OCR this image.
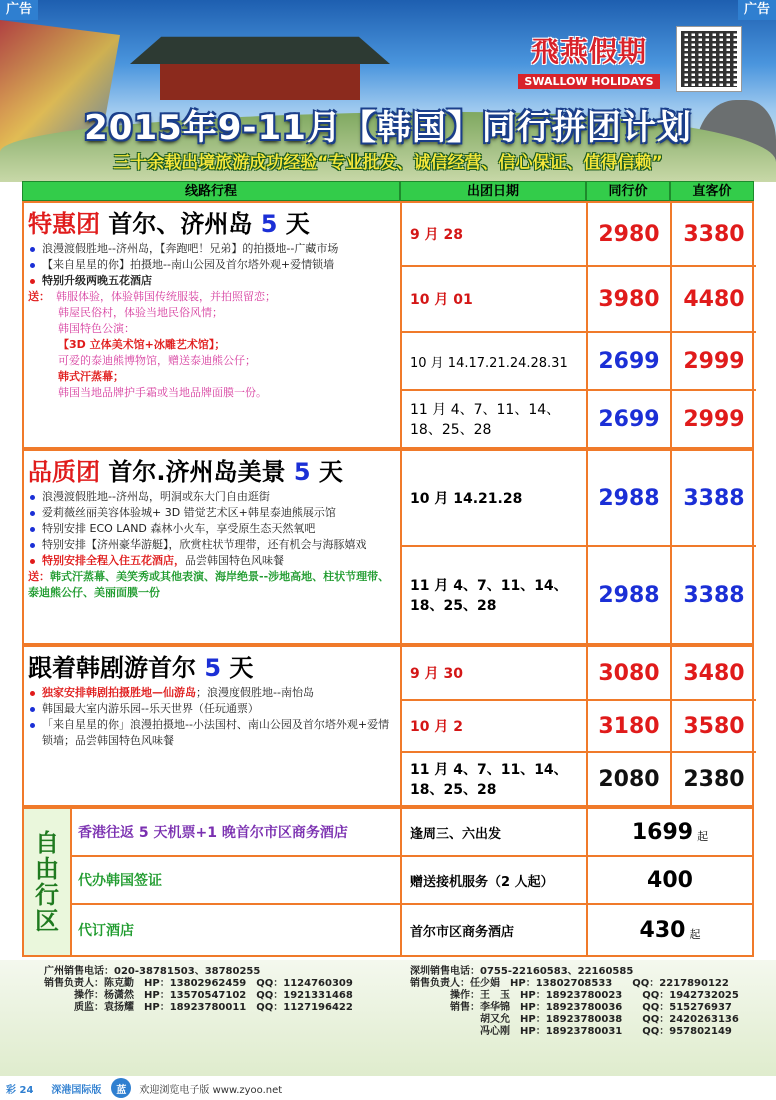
广告	广告
飛燕假期
SWALLOW HOLIDAYS
2015年9-11月【韩国】同行拼团计划
三十余载出境旅游成功经验“专业批发、诚信经营、信心保证、值得信赖”
线路行程	出团日期	同行价	直客价
特惠团 首尔、济州岛 5 天
浪漫渡假胜地--济州岛，【奔跑吧！兄弟】的拍摄地--广藏市场
【来自星星的你】拍摄地--南山公园及首尔塔外观+爱情锁墙
特别升级两晚五花酒店
送： 韩服体验，体验韩国传统服装，并拍照留恋；
韩屋民俗村，体验当地民俗风情；
韩国特色公演：
【3D 立体美术馆+冰雕艺术馆】；
可爱的泰迪熊博物馆，赠送泰迪熊公仔；
韩式汗蒸幕；
韩国当地品牌护手霜或当地品牌面膜一份。
9 月 28	2980	3380
10 月 01	3980	4480
10 月 14.17.21.24.28.31	2699	2999
11 月 4、7、11、14、18、25、28	2699	2999
品质团 首尔.济州岛美景 5 天
浪漫渡假胜地--济州岛，明洞或东大门自由逛街
爱莉薇丝丽美容体验城+ 3D 错觉艺术区+韩星泰迪熊展示馆
特别安排 ECO LAND 森林小火车，享受原生态天然氧吧
特别安排【济州豪华游艇】，欣赏柱状节理带，还有机会与海豚嬉戏
特别安排全程入住五花酒店，品尝韩国特色风味餐
送：韩式汗蒸幕、美笑秀或其他表演、海岸绝景--涉地高地、柱状节理带、泰迪熊公仔、美丽面膜一份
10 月 14.21.28	2988	3388
11 月 4、7、11、14、18、25、28	2988	3388
跟着韩剧游首尔 5 天
独家安排韩剧拍摄胜地—仙游岛；浪漫度假胜地--南怡岛
韩国最大室内游乐园--乐天世界（任玩通票）
「来自星星的你」浪漫拍摄地--小法国村、南山公园及首尔塔外观+爱情锁墙；品尝韩国特色风味餐
9 月 30	3080	3480
10 月 2	3180	3580
11 月 4、7、11、14、18、25、28	2080	2380
自
由
行
区
香港往返 5 天机票+1 晚首尔市区商务酒店	逢周三、六出发	1699 起
代办韩国签证	赠送接机服务（2 人起）	400
代订酒店	首尔市区商务酒店	430 起
广州销售电话：020-38781503、38780255
销售负责人：陈克勤　HP：13802962459　QQ：1124760309
　　　操作：杨潇然　HP：13570547102　QQ：1921331468
　　　质监：袁扬耀　HP：18923780011　QQ：1127196422
深圳销售电话：0755-22160583、22160585
销售负责人：任少娟　HP：13802708533　　QQ：2217890122
　　　　操作：王　玉　HP：18923780023　　QQ：1942732025
　　　　销售：李华锦　HP：18923780036　　QQ：515276937
　　　　　　　胡又允　HP：18923780038　　QQ：2420263136
　　　　　　　冯心刚　HP：18923780031　　QQ：957802149
彩 24 深港国际版	蓝	欢迎浏览电子版 www.zyoo.net
